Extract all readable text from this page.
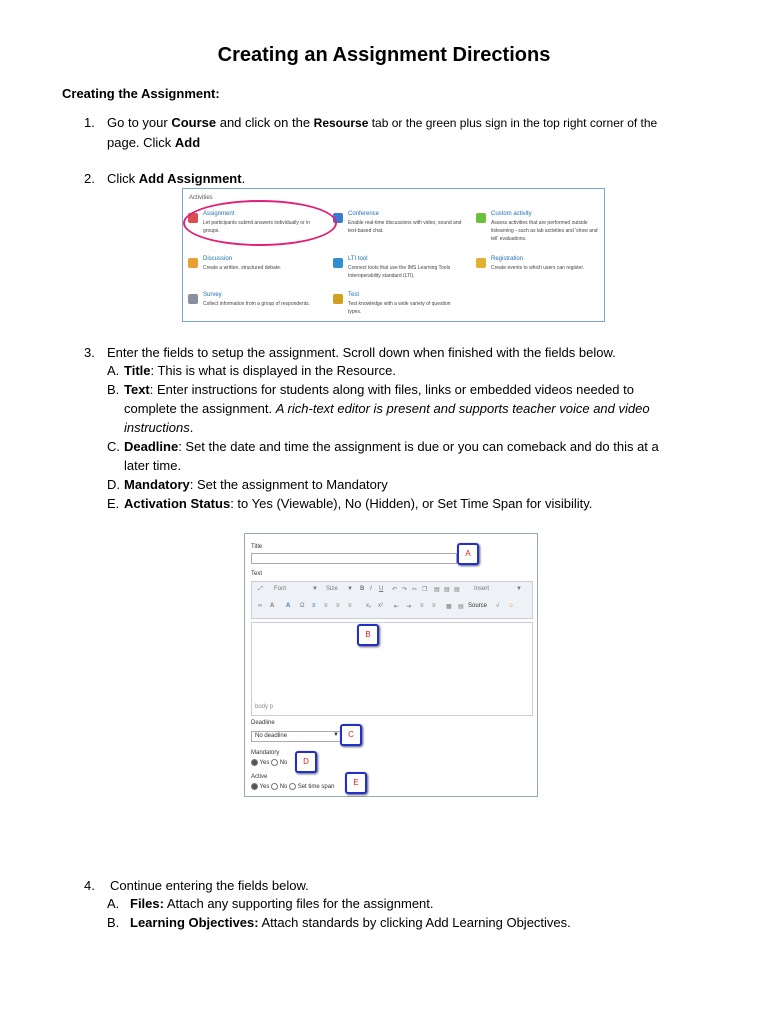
Creating an Assignment Directions
Creating the Assignment:
1. Go to your Course and click on the Resourse tab or the green plus sign in the top right corner of the
page. Click Add
2. Click Add Assignment.
Activities
Assignment
Let participants submit answers individually or in groups.
Conference
Enable real-time discussions with video, sound and text-based chat.
Custom activity
Assess activities that are performed outside itslearning - such as lab activities and 'show and tell' evaluations.
Discussion
Create a written, structured debate.
LTI tool
Connect tools that use the IMS Learning Tools Interoperability standard (LTI).
Registration
Create events to which users can register.
Survey
Collect information from a group of respondents.
Test
Test knowledge with a wide variety of question types.
3. Enter the fields to setup the assignment. Scroll down when finished with the fields below.
A. Title: This is what is displayed in the Resource.
B. Text: Enter instructions for students along with files, links or embedded videos needed to
complete the assignment. A rich-text editor is present and supports teacher voice and video
instructions.
C. Deadline: Set the date and time the assignment is due or you can comeback and do this at a
later time.
D. Mandatory: Set the assignment to Mandatory
E. Activation Status: to Yes (Viewable), No (Hidden), or Set Time Span for visibility.
Title
Text
⤢ Font	▼ Size ▼ B I U ↶ ↷ ✂ ❐ ▤ ▤ ▤ Insert	▼
∞ A A Ω ≡ ≡ ≡ ≡ x₂ x² ⇤ ⇥ ≡ ≡ ▦ ▤ Source √ ☺
body p
Deadline
No deadline	▼
Mandatory
Yes No
Active
Yes No Set time span
A
B
C
D
E
4. Continue entering the fields below.
A. Files: Attach any supporting files for the assignment.
B. Learning Objectives: Attach standards by clicking Add Learning Objectives.
